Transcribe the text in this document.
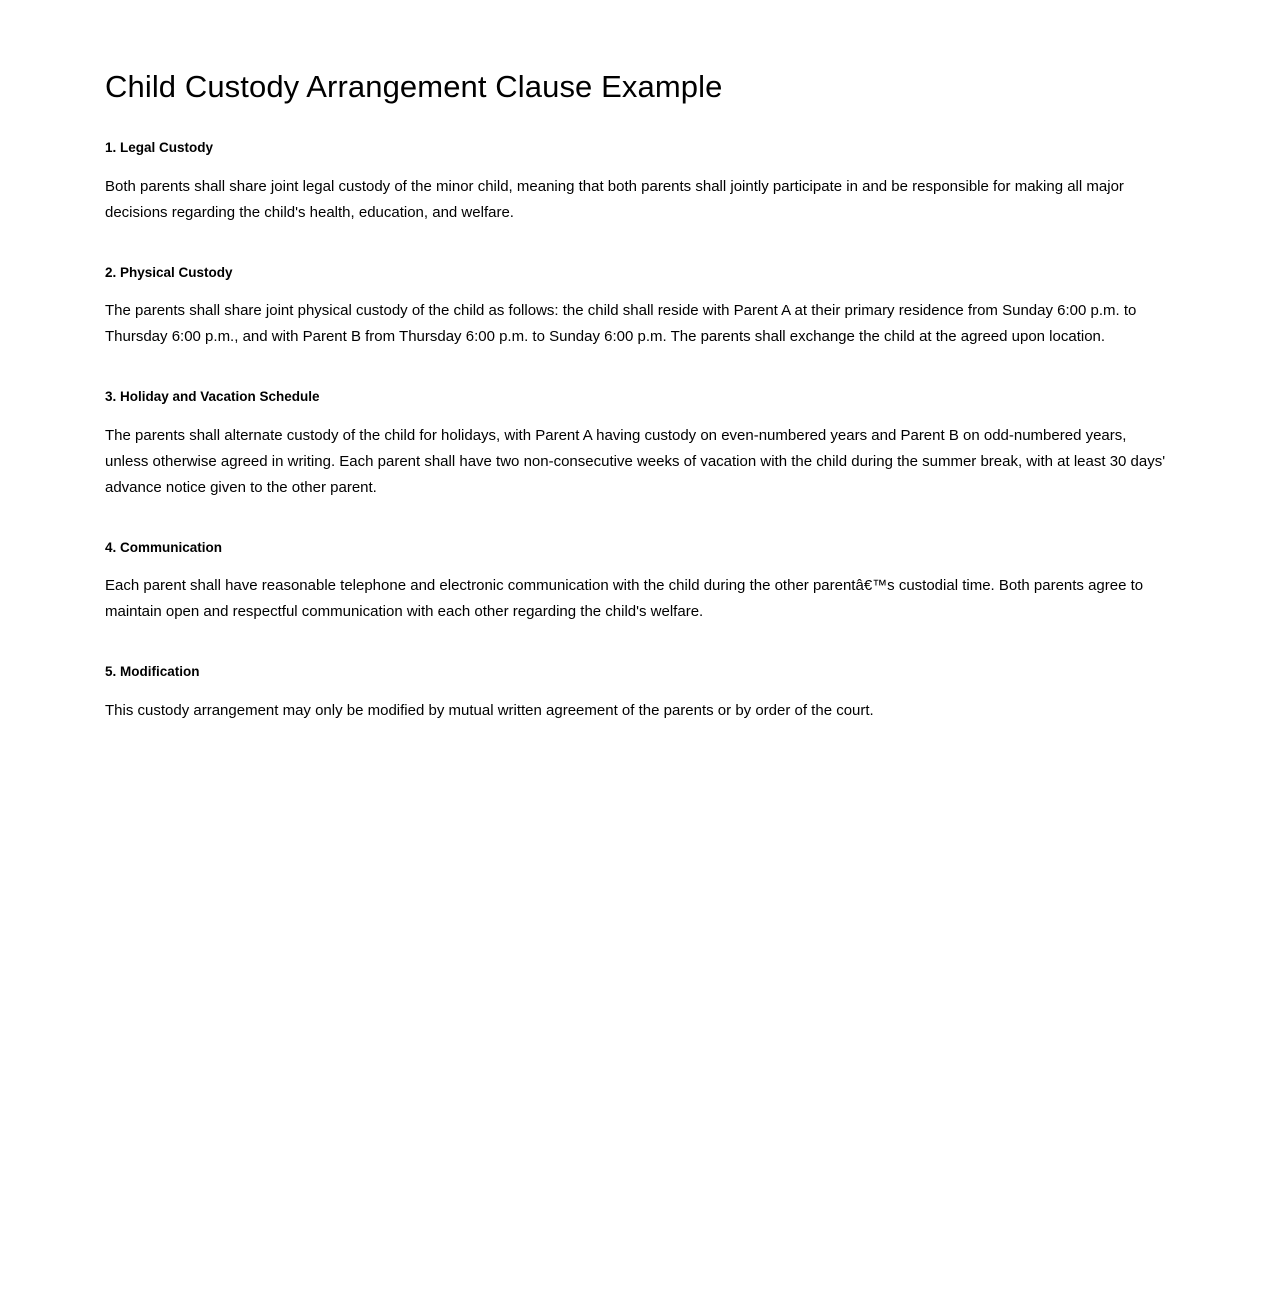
Child Custody Arrangement Clause Example
1. Legal Custody

Both parents shall share joint legal custody of the minor child, meaning that both parents shall jointly participate in and be responsible for making all major decisions regarding the child's health, education, and welfare.

2. Physical Custody

The parents shall share joint physical custody of the child as follows: the child shall reside with Parent A at their primary residence from Sunday 6:00 p.m. to Thursday 6:00 p.m., and with Parent B from Thursday 6:00 p.m. to Sunday 6:00 p.m. The parents shall exchange the child at the agreed upon location.

3. Holiday and Vacation Schedule

The parents shall alternate custody of the child for holidays, with Parent A having custody on even-numbered years and Parent B on odd-numbered years, unless otherwise agreed in writing. Each parent shall have two non-consecutive weeks of vacation with the child during the summer break, with at least 30 days' advance notice given to the other parent.

4. Communication

Each parent shall have reasonable telephone and electronic communication with the child during the other parentâ€™s custodial time. Both parents agree to maintain open and respectful communication with each other regarding the child's welfare.

5. Modification

This custody arrangement may only be modified by mutual written agreement of the parents or by order of the court.
